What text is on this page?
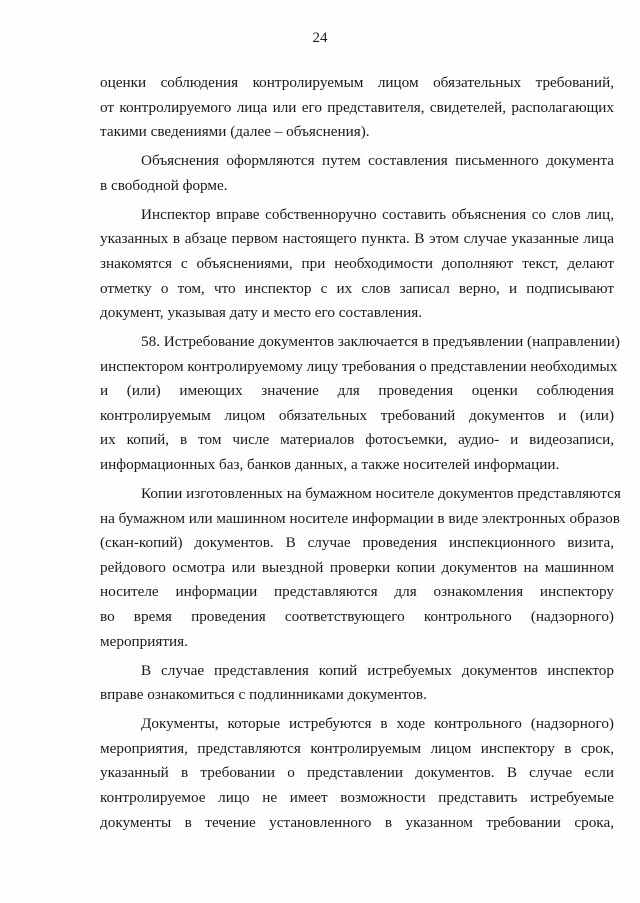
24
оценки соблюдения контролируемым лицом обязательных требований,
от контролируемого лица или его представителя, свидетелей, располагающих
такими сведениями (далее – объяснения).
Объяснения оформляются путем составления письменного документа
в свободной форме.
Инспектор вправе собственноручно составить объяснения со слов лиц,
указанных в абзаце первом настоящего пункта. В этом случае указанные лица
знакомятся с объяснениями, при необходимости дополняют текст, делают
отметку о том, что инспектор с их слов записал верно, и подписывают
документ, указывая дату и место его составления.
58. Истребование документов заключается в предъявлении (направлении)
инспектором контролируемому лицу требования о представлении необходимых
и (или) имеющих значение для проведения оценки соблюдения
контролируемым лицом обязательных требований документов и (или)
их копий, в том числе материалов фотосъемки, аудио- и видеозаписи,
информационных баз, банков данных, а также носителей информации.
Копии изготовленных на бумажном носителе документов представляются
на бумажном или машинном носителе информации в виде электронных образов
(скан-копий) документов. В случае проведения инспекционного визита,
рейдового осмотра или выездной проверки копии документов на машинном
носителе информации представляются для ознакомления инспектору
во время проведения соответствующего контрольного (надзорного)
мероприятия.
В случае представления копий истребуемых документов инспектор
вправе ознакомиться с подлинниками документов.
Документы, которые истребуются в ходе контрольного (надзорного)
мероприятия, представляются контролируемым лицом инспектору в срок,
указанный в требовании о представлении документов. В случае если
контролируемое лицо не имеет возможности представить истребуемые
документы в течение установленного в указанном требовании срока,
